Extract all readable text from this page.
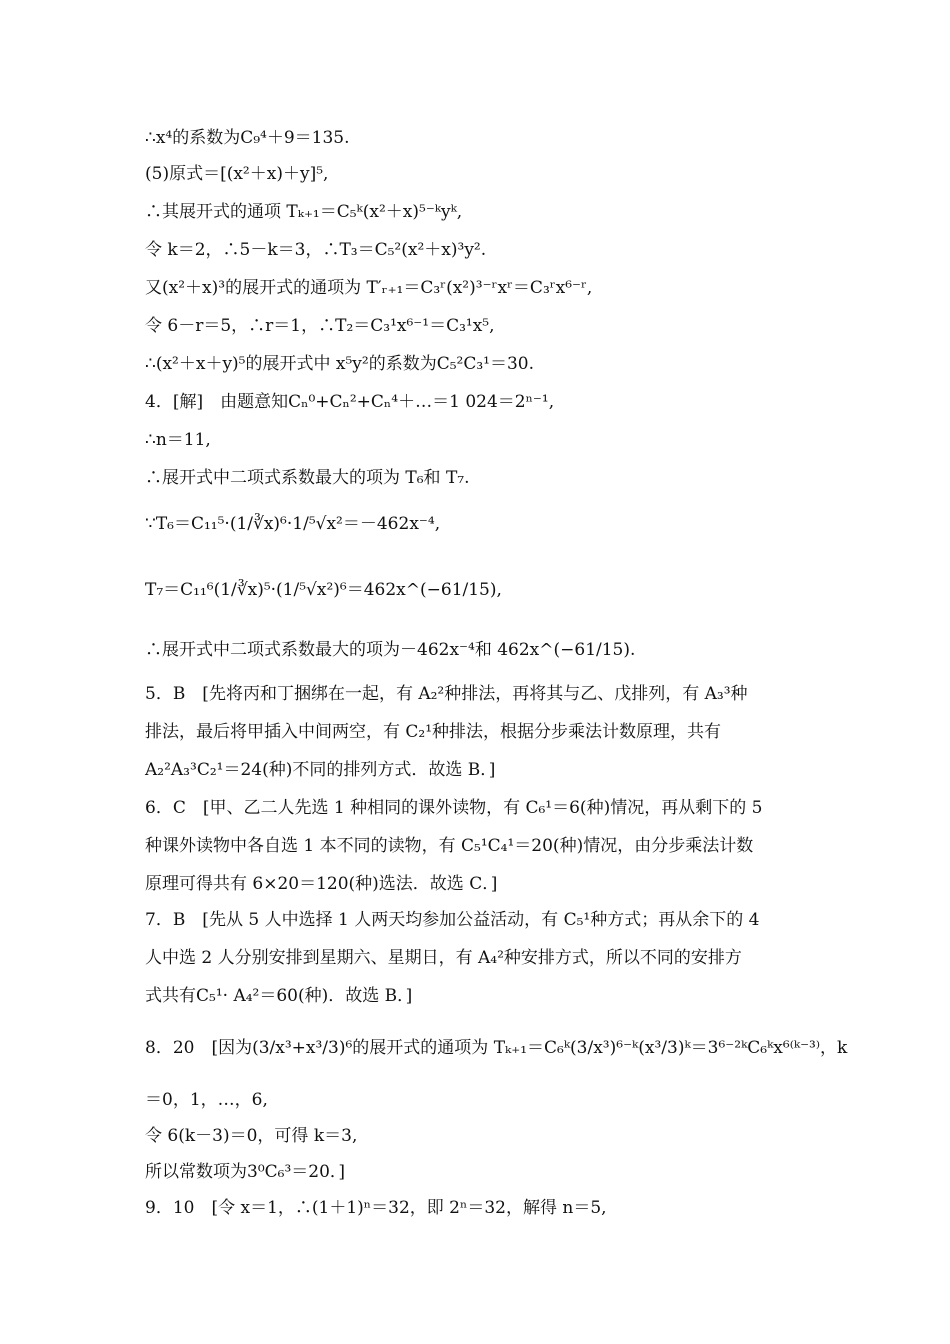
∴x⁴的系数为C₉⁴＋9＝135.
(5)原式＝[(x²＋x)＋y]⁵,
∴其展开式的通项 Tₖ₊₁＝C₅ᵏ(x²＋x)⁵⁻ᵏyᵏ,
令 k＝2，∴5－k＝3，∴T₃＝C₅²(x²＋x)³y².
又(x²＋x)³的展开式的通项为 T′ᵣ₊₁＝C₃ʳ(x²)³⁻ʳxʳ＝C₃ʳx⁶⁻ʳ,
令 6－r＝5，∴r＝1，∴T₂＝C₃¹x⁶⁻¹＝C₃¹x⁵,
∴(x²＋x＋y)⁵的展开式中 x⁵y²的系数为C₅²C₃¹＝30.
4．[解]　由题意知Cₙ⁰+Cₙ²+Cₙ⁴＋…＝1 024＝2ⁿ⁻¹,
∴n＝11,
∴展开式中二项式系数最大的项为 T₆和 T₇.
∵T₆＝C₁₁⁵·(1/∛x)⁶·1/⁵√x²＝－462x⁻⁴,
T₇＝C₁₁⁶(1/∛x)⁵·(1/⁵√x²)⁶＝462x^(−61/15),
∴展开式中二项式系数最大的项为－462x⁻⁴和 462x^(−61/15).
5．B　[先将丙和丁捆绑在一起，有 A₂²种排法，再将其与乙、戊排列，有 A₃³种
排法，最后将甲插入中间两空，有 C₂¹种排法，根据分步乘法计数原理，共有
A₂²A₃³C₂¹＝24(种)不同的排列方式．故选 B．]
6．C　[甲、乙二人先选 1 种相同的课外读物，有 C₆¹＝6(种)情况，再从剩下的 5
种课外读物中各自选 1 本不同的读物，有 C₅¹C₄¹＝20(种)情况，由分步乘法计数
原理可得共有 6×20＝120(种)选法．故选 C．]
7．B　[先从 5 人中选择 1 人两天均参加公益活动，有 C₅¹种方式；再从余下的 4
人中选 2 人分别安排到星期六、星期日，有 A₄²种安排方式，所以不同的安排方
式共有C₅¹· A₄²＝60(种)．故选 B．]
8．20　[因为(3/x³+x³/3)⁶的展开式的通项为 Tₖ₊₁＝C₆ᵏ(3/x³)⁶⁻ᵏ(x³/3)ᵏ＝3⁶⁻²ᵏC₆ᵏx⁶⁽ᵏ⁻³⁾，k
＝0，1，…，6,
令 6(k－3)＝0，可得 k＝3,
所以常数项为3⁰C₆³＝20．]
9．10　[令 x＝1，∴(1＋1)ⁿ＝32，即 2ⁿ＝32，解得 n＝5,
